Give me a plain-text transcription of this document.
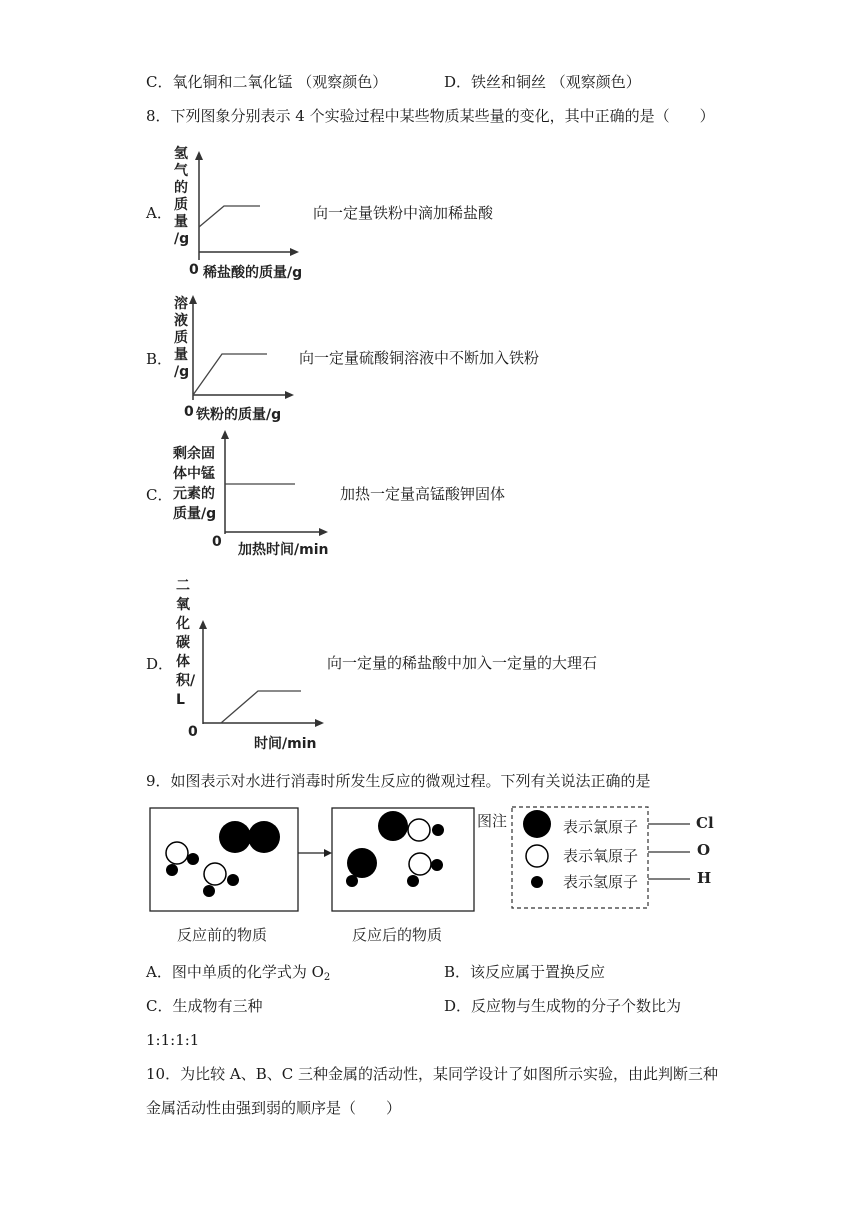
C．氧化铜和二氧化锰 （观察颜色）	D．铁丝和铜丝 （观察颜色）
8．下列图象分别表示 4 个实验过程中某些物质某些量的变化，其中正确的是（　　）
A．
氢
气
的
质
量
/g
0 稀盐酸的质量/g
向一定量铁粉中滴加稀盐酸
B．
溶
液
质
量
/g
0 铁粉的质量/g
向一定量硫酸铜溶液中不断加入铁粉
C．
剩余固
体中锰
元素的
质量/g
0 加热时间/min
加热一定量高锰酸钾固体
D．
二
氧
化
碳
体
积/
L
0
时间/min
向一定量的稀盐酸中加入一定量的大理石
9．如图表示对水进行消毒时所发生反应的微观过程。下列有关说法正确的是
图注	表示氯原子
表示氧原子
表示氢原子
Cl
O
H
反应前的物质	反应后的物质
A．图中单质的化学式为 $O_2$	B．该反应属于置换反应
C．生成物有三种	D．反应物与生成物的分子个数比为
1:1:1:1
10．为比较 A、B、C 三种金属的活动性，某同学设计了如图所示实验，由此判断三种
金属活动性由强到弱的顺序是（　　）
